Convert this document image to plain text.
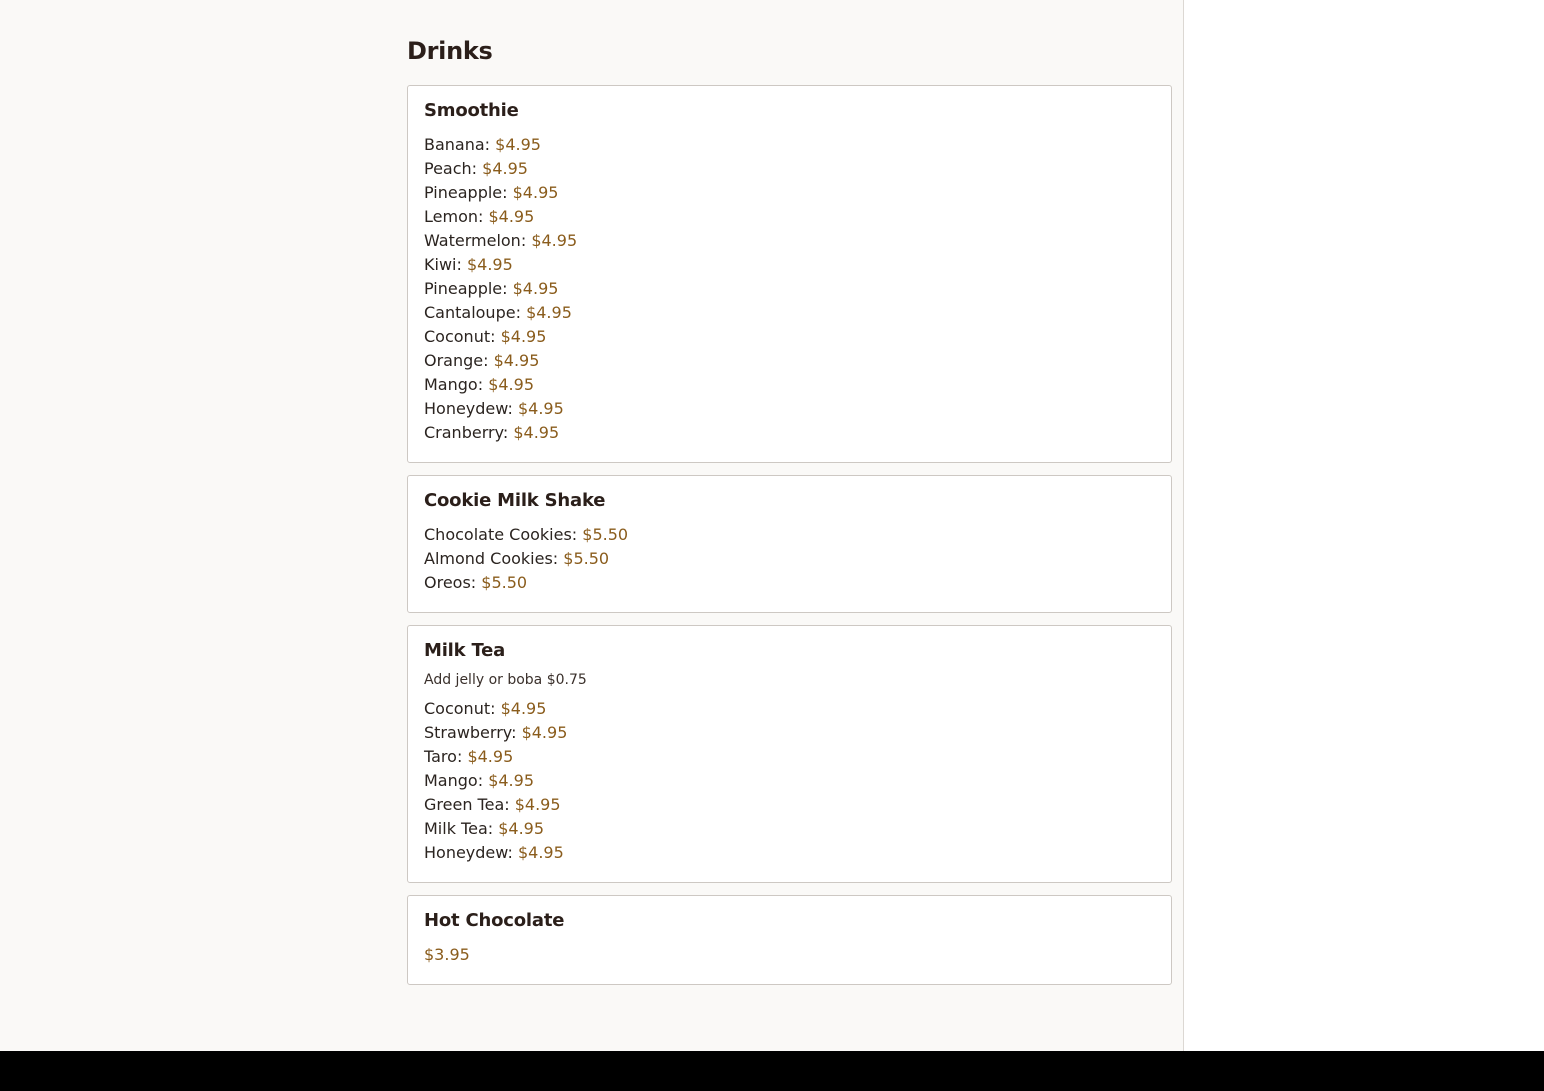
Drinks
Smoothie
Banana: $4.95
Peach: $4.95
Pineapple: $4.95
Lemon: $4.95
Watermelon: $4.95
Kiwi: $4.95
Pineapple: $4.95
Cantaloupe: $4.95
Coconut: $4.95
Orange: $4.95
Mango: $4.95
Honeydew: $4.95
Cranberry: $4.95
Cookie Milk Shake
Chocolate Cookies: $5.50
Almond Cookies: $5.50
Oreos: $5.50
Milk Tea
Add jelly or boba $0.75
Coconut: $4.95
Strawberry: $4.95
Taro: $4.95
Mango: $4.95
Green Tea: $4.95
Milk Tea: $4.95
Honeydew: $4.95
Hot Chocolate
$3.95
